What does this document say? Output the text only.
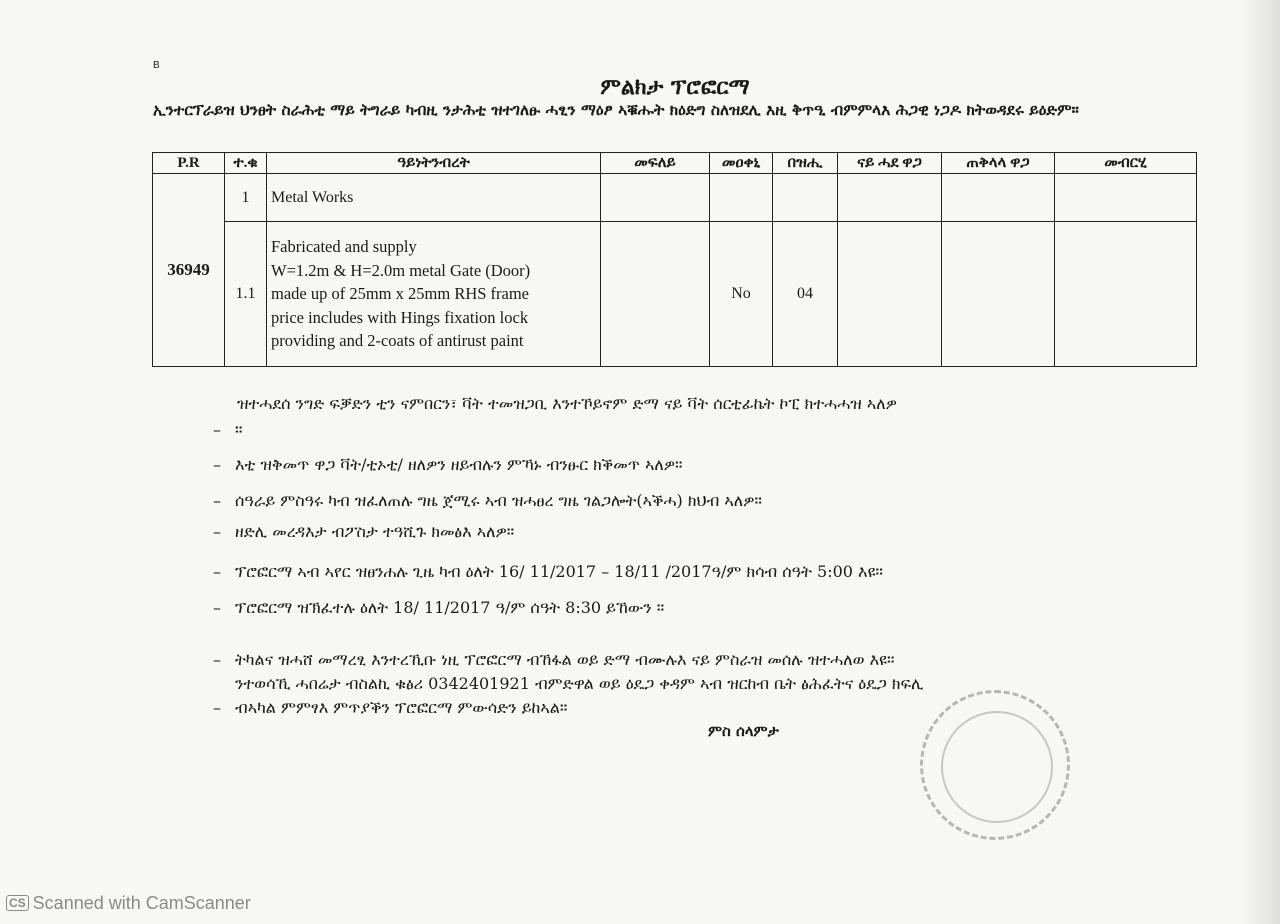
B
ምልክታ ፕሮፎርማ
ኢንተርፕራይዝ ህንፀት ስራሕቲ ማይ ትግራይ ካብዚ ንታሕቲ ዝተገለፁ ሓፂን ማዕፆ ኣቑሑት ክዕድግ ስለዝደሊ እዚ ቅጥዒ ብምምላእ ሕጋዊ ነጋዶ ክትወዳደሩ ይዕድም።
P.R	ተ.ቁ	ዓይነትንብረት	መፍለይ	መዐቀኒ	በዝሒ	ናይ ሓደ ዋጋ	ጠቅላላ ዋጋ	መብርሂ
36949	1	Metal Works						
	1.1	Fabricated and supply
W=1.2m & H=2.0m metal Gate (Door)
made up of 25mm x 25mm RHS frame
price includes with Hings fixation lock
providing and 2-coats of antirust paint		No	04			
ዝተሓደሰ ንግድ ፍቓድን ቲን ናምበርን፣ ቫት ተመዝጋቢ እንተኾይኖም ድማ ናይ ቫት ሰርቲፊኬት ኮፒ ክተሓሓዝ ኣለዎ
– ።
– እቲ ዝቅመጥ ዋጋ ቫት/ቲኦቲ/ ዘለዎን ዘይብሉን ምኻኑ ብንፁር ክቕመጥ ኣለዎ።
– ሰዓራይ ምስዓሩ ካብ ዝፈለጠሉ ግዜ ጀሚሩ ኣብ ዝሓፀረ ግዜ ገልጋሎት(ኣቕሓ) ክህብ ኣለዎ።
– ዘድሊ መረዳእታ ብፖስታ ተዓሺጉ ክመፅእ ኣለዎ።
– ፕሮፎርማ ኣብ ኣየር ዝፀንሐሉ ጊዜ ካብ ዕለት 16/ 11/2017 – 18/11 /2017ዓ/ም ክሳብ ሰዓት 5:00 እዩ።
– ፕሮፎርማ ዝኽፈተሉ ዕለት 18/ 11/2017 ዓ/ም ሰዓት 8:30 ይኸውን ።
– ትካልና ዝሓሸ መማረፂ እንተረኺቡ ነዚ ፕሮፎርማ ብኸፋል ወይ ድማ ብሙሉእ ናይ ምስራዝ መሰሉ ዝተሓለወ እዩ።
ንተወሳኺ ሓበሬታ ብስልኪ ቁፅሪ 0342401921 ብምድዋል ወይ ዕዴጋ ቀዳም ኣብ ዝርከብ ቤት ፅሕፈትና ዕዴጋ ክፍሊ
– ብኣካል ምምፃእ ምጥያቕን ፕሮፎርማ ምውሳድን ይከኣል።
ምስ ሰላምታ
CS Scanned with CamScanner
